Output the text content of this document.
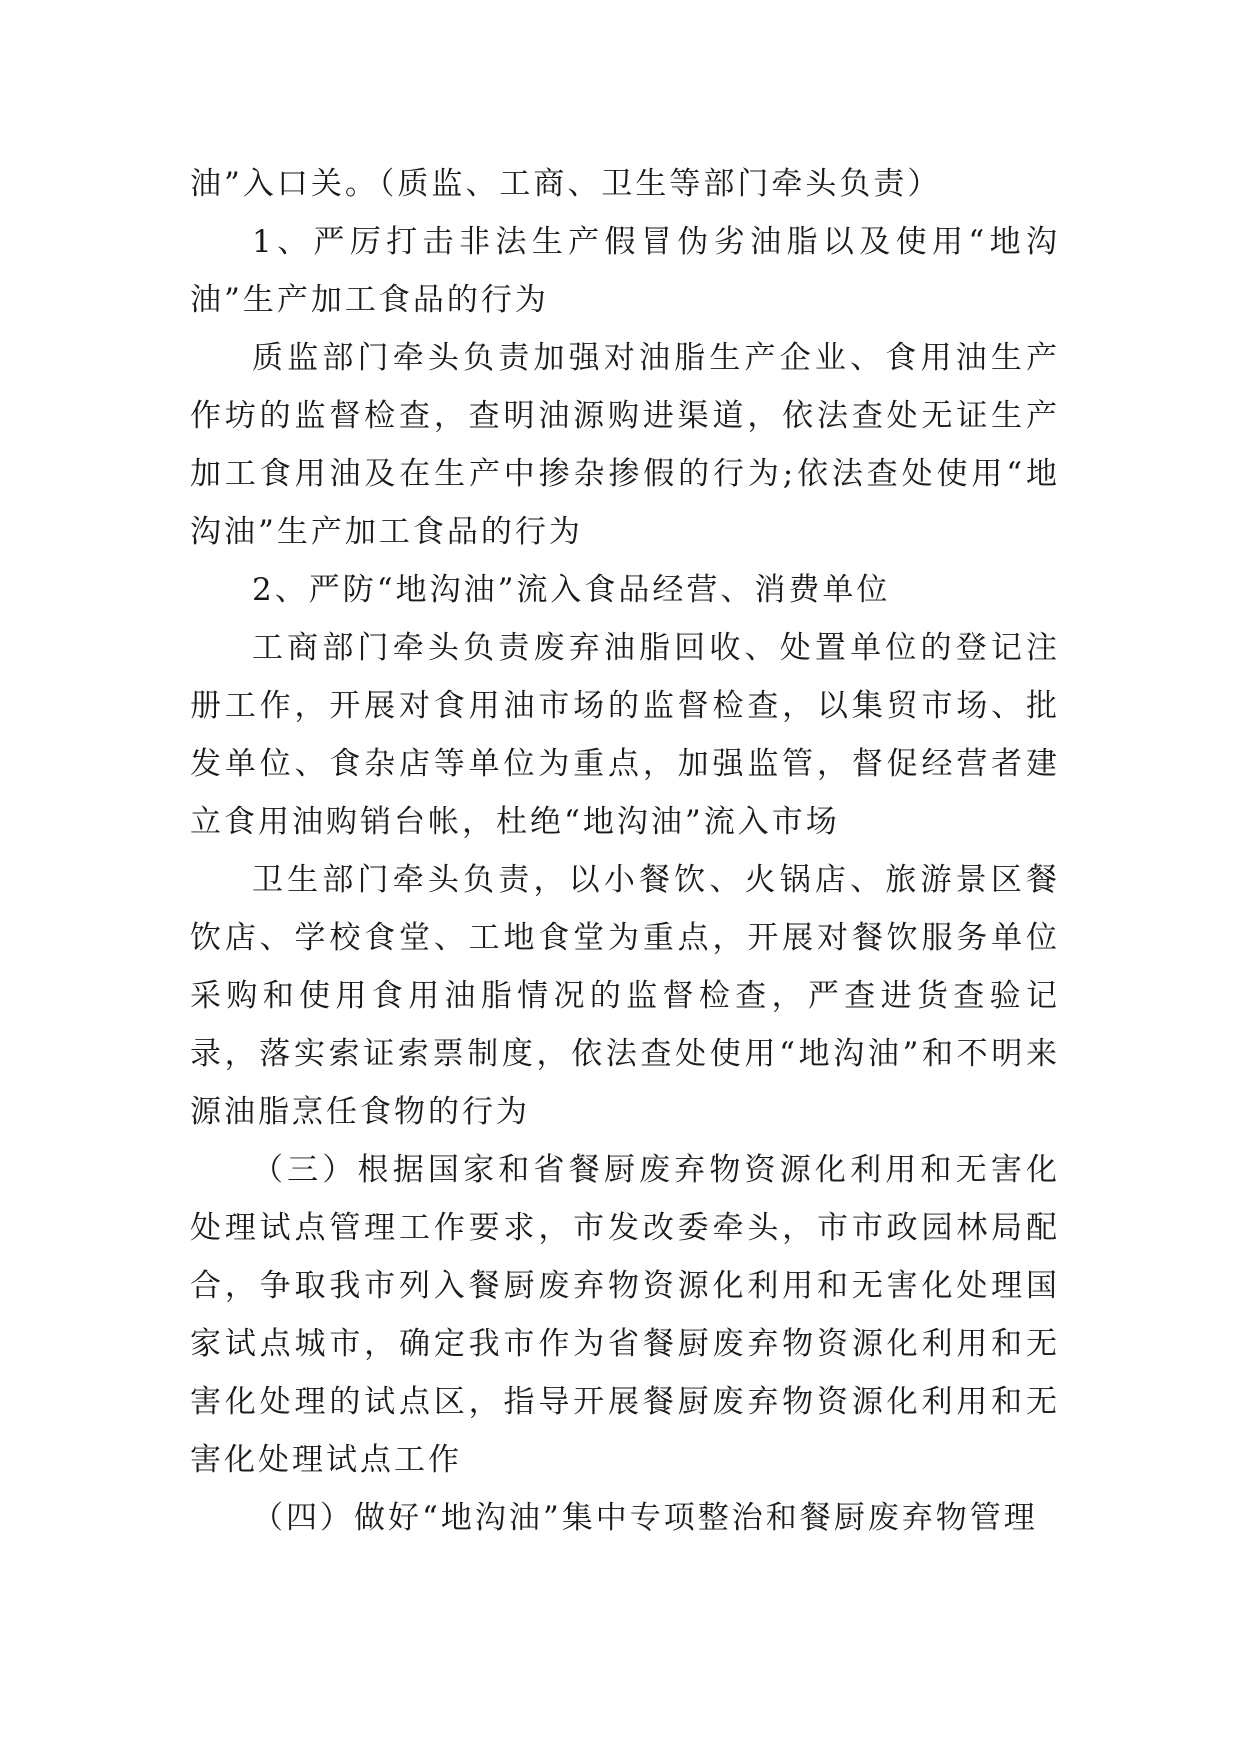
油”入口关。（质监、工商、卫生等部门牵头负责）

1、严厉打击非法生产假冒伪劣油脂以及使用“地沟油”生产加工食品的行为

质监部门牵头负责加强对油脂生产企业、食用油生产作坊的监督检查，查明油源购进渠道，依法查处无证生产加工食用油及在生产中掺杂掺假的行为;依法查处使用“地沟油”生产加工食品的行为

2、严防“地沟油”流入食品经营、消费单位

工商部门牵头负责废弃油脂回收、处置单位的登记注册工作，开展对食用油市场的监督检查，以集贸市场、批发单位、食杂店等单位为重点，加强监管，督促经营者建立食用油购销台帐，杜绝“地沟油”流入市场

卫生部门牵头负责，以小餐饮、火锅店、旅游景区餐饮店、学校食堂、工地食堂为重点，开展对餐饮服务单位采购和使用食用油脂情况的监督检查，严查进货查验记录，落实索证索票制度，依法查处使用“地沟油”和不明来源油脂烹任食物的行为

（三）根据国家和省餐厨废弃物资源化利用和无害化处理试点管理工作要求，市发改委牵头，市市政园林局配合，争取我市列入餐厨废弃物资源化利用和无害化处理国家试点城市，确定我市作为省餐厨废弃物资源化利用和无害化处理的试点区，指导开展餐厨废弃物资源化利用和无害化处理试点工作

（四）做好“地沟油”集中专项整治和餐厨废弃物管理
